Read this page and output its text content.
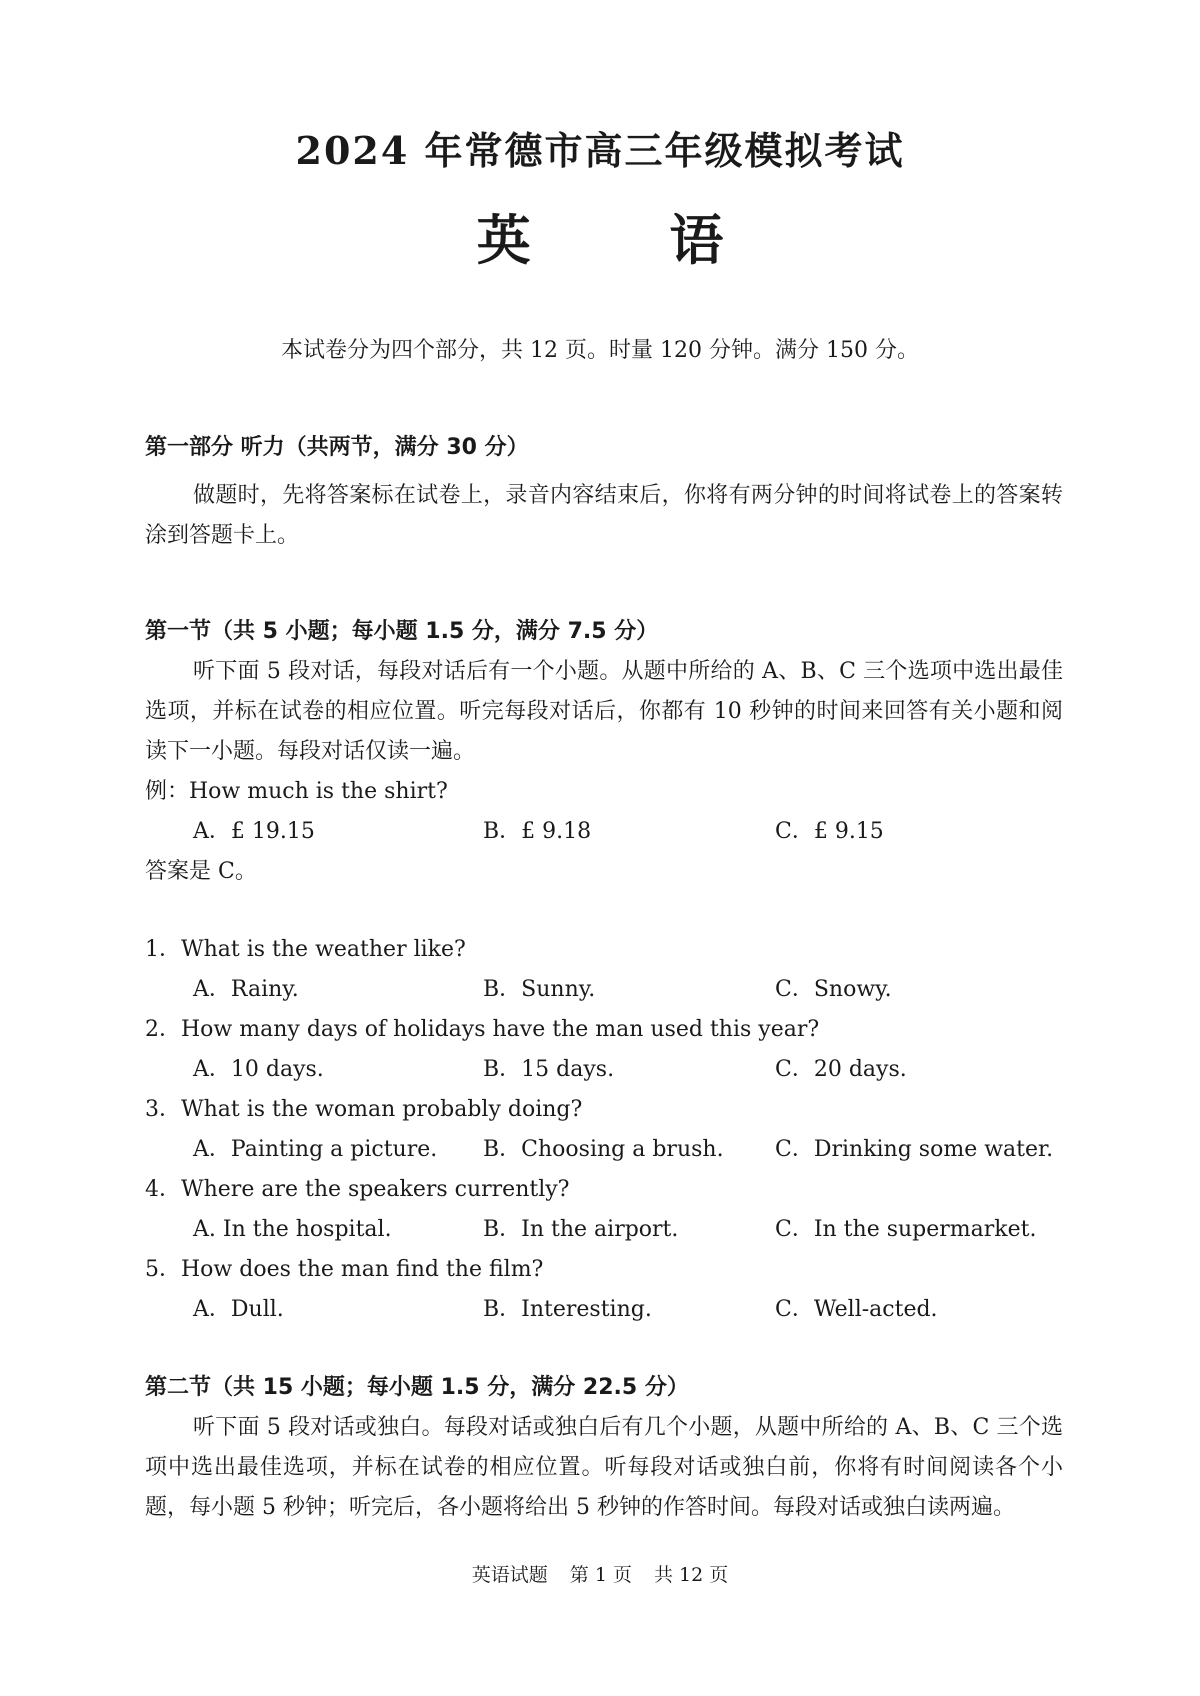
2024 年常德市高三年级模拟考试
英 语
本试卷分为四个部分，共 12 页。时量 120 分钟。满分 150 分。
第一部分 听力（共两节，满分 30 分）
做题时，先将答案标在试卷上，录音内容结束后，你将有两分钟的时间将试卷上的答案转涂到答题卡上。
第一节（共 5 小题；每小题 1.5 分，满分 7.5 分）
听下面 5 段对话，每段对话后有一个小题。从题中所给的 A、B、C 三个选项中选出最佳选项，并标在试卷的相应位置。听完每段对话后，你都有 10 秒钟的时间来回答有关小题和阅读下一小题。每段对话仅读一遍。
例：How much is the shirt?
A．£ 19.15	B．£ 9.18	C．£ 9.15
答案是 C。
1．What is the weather like?
A．Rainy.	B．Sunny.	C．Snowy.
2．How many days of holidays have the man used this year?
A．10 days.	B．15 days.	C．20 days.
3．What is the woman probably doing?
A．Painting a picture. B．Choosing a brush. C．Drinking some water.
4．Where are the speakers currently?
A. In the hospital.	B．In the airport.	C．In the supermarket.
5．How does the man find the film?
A．Dull.	B．Interesting.	C．Well-acted.
第二节（共 15 小题；每小题 1.5 分，满分 22.5 分）
听下面 5 段对话或独白。每段对话或独白后有几个小题，从题中所给的 A、B、C 三个选项中选出最佳选项，并标在试卷的相应位置。听每段对话或独白前，你将有时间阅读各个小题，每小题 5 秒钟；听完后，各小题将给出 5 秒钟的作答时间。每段对话或独白读两遍。
英语试题 第 1 页 共 12 页
